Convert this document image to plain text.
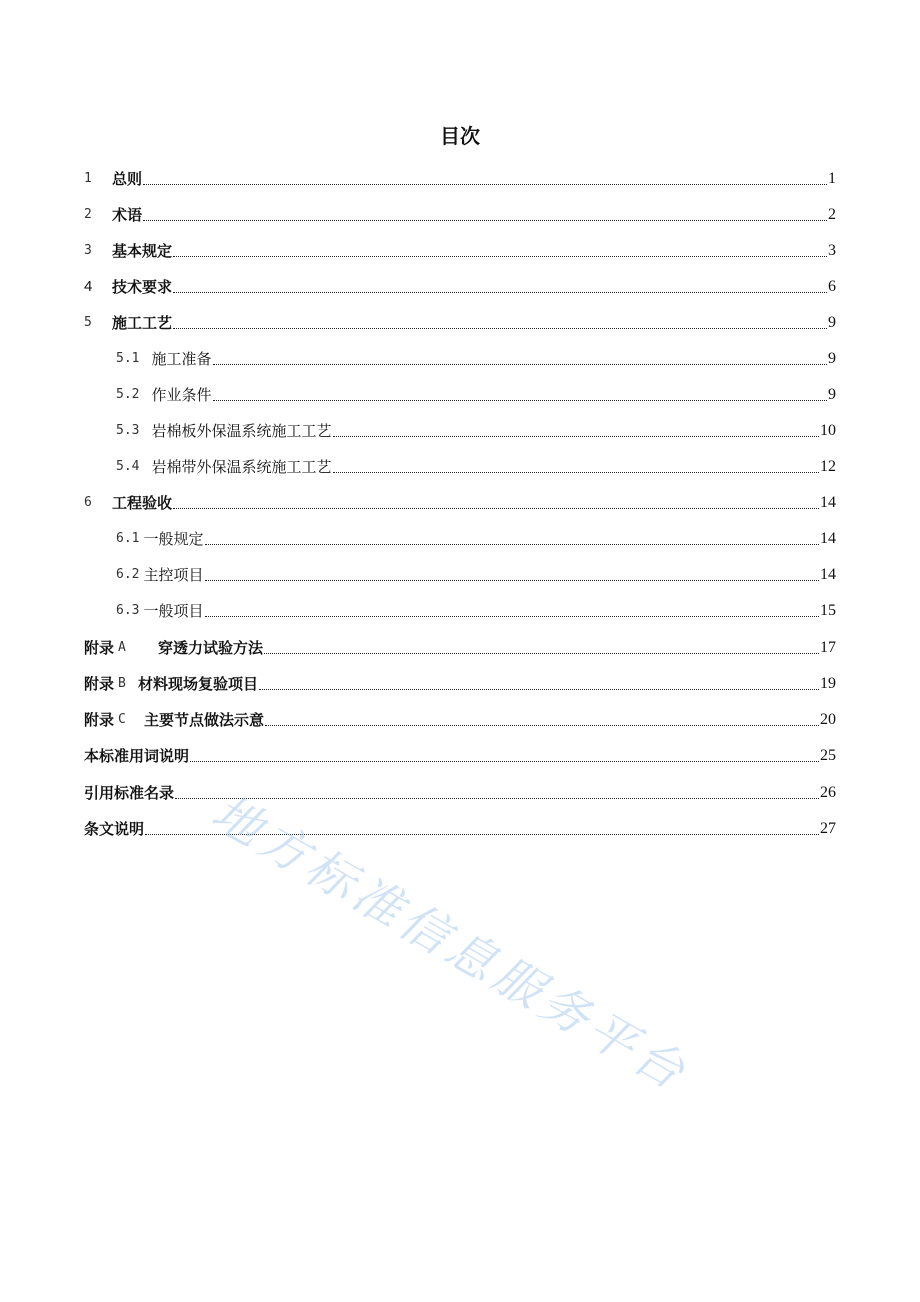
目次
1	总则	1
2	术语	2
3	基本规定	3
4	技术要求	6
5	施工工艺	9
5.1 施工准备	9
5.2 作业条件	9
5.3 岩棉板外保温系统施工工艺	10
5.4 岩棉带外保温系统施工工艺	12
6	工程验收	14
6.1 一般规定	14
6.2 主控项目	14
6.3 一般项目	15
附录 A	穿透力试验方法	17
附录 B 材料现场复验项目	19
附录 C	主要节点做法示意	20
本标准用词说明	25
引用标准名录	26
条文说明	27
地方标准信息服务平台
